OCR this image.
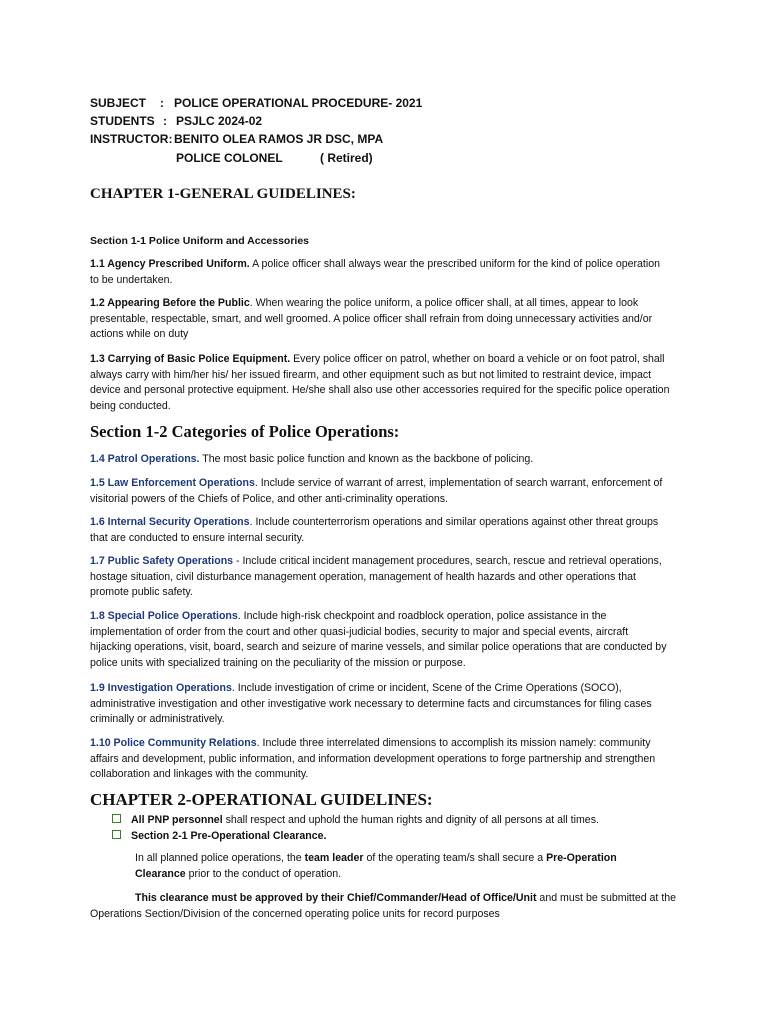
SUBJECT : POLICE OPERATIONAL PROCEDURE- 2021
STUDENTS : PSJLC 2024-02
INSTRUCTOR: BENITO OLEA RAMOS JR DSC, MPA
POLICE COLONEL	( Retired)
CHAPTER 1-GENERAL GUIDELINES:
Section 1-1 Police Uniform and Accessories
1.1 Agency Prescribed Uniform. A police officer shall always wear the prescribed uniform for the kind of police operation to be undertaken.
1.2 Appearing Before the Public. When wearing the police uniform, a police officer shall, at all times, appear to look presentable, respectable, smart, and well groomed. A police officer shall refrain from doing unnecessary activities and/or actions while on duty
1.3 Carrying of Basic Police Equipment. Every police officer on patrol, whether on board a vehicle or on foot patrol, shall always carry with him/her his/ her issued firearm, and other equipment such as but not limited to restraint device, impact device and personal protective equipment. He/she shall also use other accessories required for the specific police operation being conducted.
Section 1-2 Categories of Police Operations:
1.4 Patrol Operations. The most basic police function and known as the backbone of policing.
1.5 Law Enforcement Operations. Include service of warrant of arrest, implementation of search warrant, enforcement of visitorial powers of the Chiefs of Police, and other anti-criminality operations.
1.6 Internal Security Operations. Include counterterrorism operations and similar operations against other threat groups that are conducted to ensure internal security.
1.7 Public Safety Operations - Include critical incident management procedures, search, rescue and retrieval operations, hostage situation, civil disturbance management operation, management of health hazards and other operations that promote public safety.
1.8 Special Police Operations. Include high-risk checkpoint and roadblock operation, police assistance in the implementation of order from the court and other quasi-judicial bodies, security to major and special events, aircraft hijacking operations, visit, board, search and seizure of marine vessels, and similar police operations that are conducted by police units with specialized training on the peculiarity of the mission or purpose.
1.9 Investigation Operations. Include investigation of crime or incident, Scene of the Crime Operations (SOCO), administrative investigation and other investigative work necessary to determine facts and circumstances for filing cases criminally or administratively.
1.10 Police Community Relations. Include three interrelated dimensions to accomplish its mission namely: community affairs and development, public information, and information development operations to forge partnership and strengthen collaboration and linkages with the community.
CHAPTER 2-OPERATIONAL GUIDELINES:
All PNP personnel shall respect and uphold the human rights and dignity of all persons at all times.
Section 2-1 Pre-Operational Clearance.
In all planned police operations, the team leader of the operating team/s shall secure a Pre-Operation Clearance prior to the conduct of operation.
This clearance must be approved by their Chief/Commander/Head of Office/Unit and must be submitted at the Operations Section/Division of the concerned operating police units for record purposes
